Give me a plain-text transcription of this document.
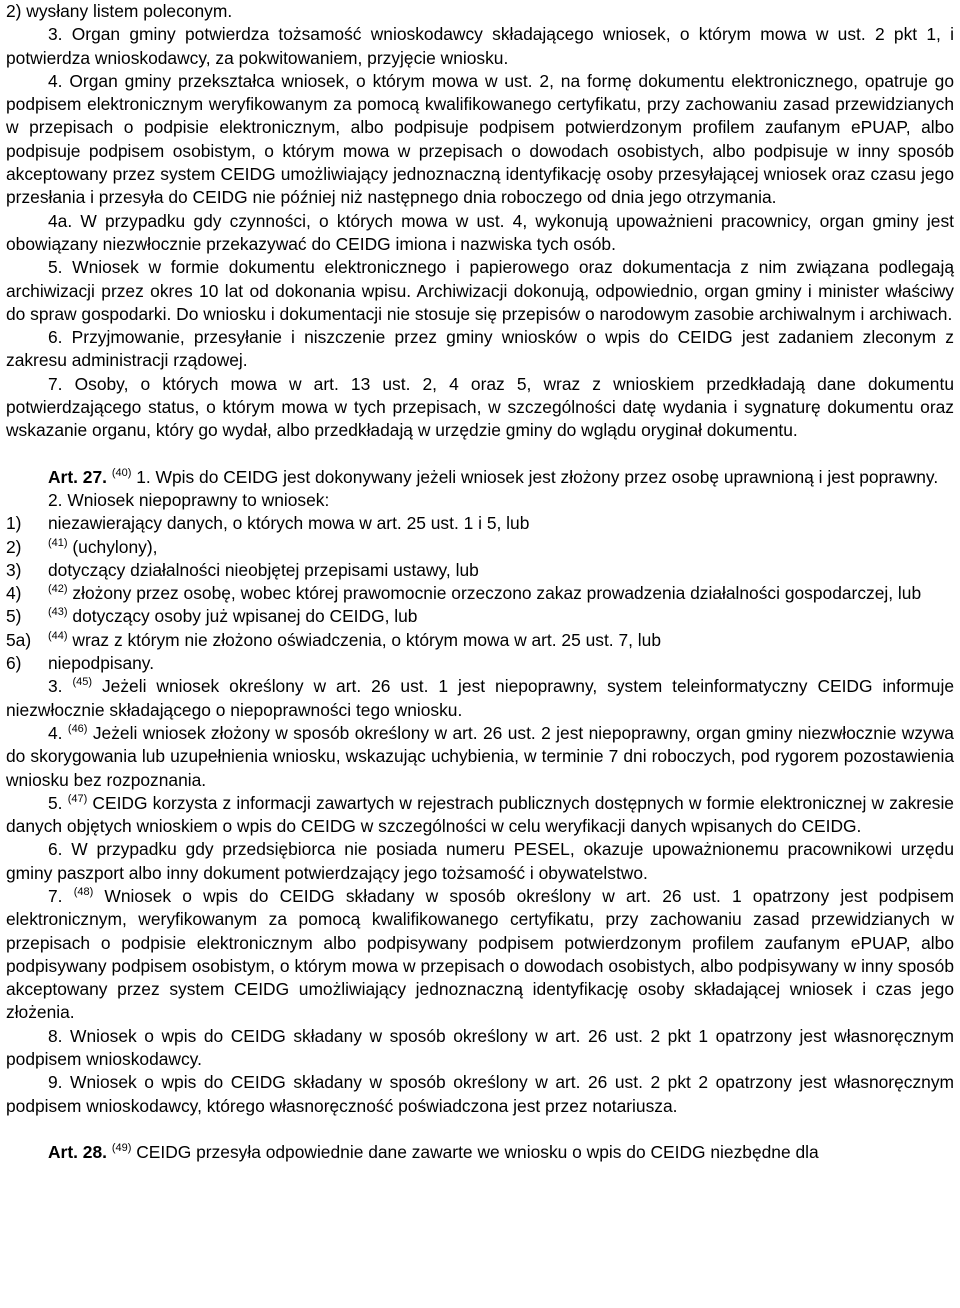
2) wysłany listem poleconym.

3. Organ gminy potwierdza tożsamość wnioskodawcy składającego wniosek, o którym mowa w ust. 2 pkt 1, i potwierdza wnioskodawcy, za pokwitowaniem, przyjęcie wniosku.

4. Organ gminy przekształca wniosek, o którym mowa w ust. 2, na formę dokumentu elektronicznego, opatruje go podpisem elektronicznym weryfikowanym za pomocą kwalifikowanego certyfikatu, przy zachowaniu zasad przewidzianych w przepisach o podpisie elektronicznym, albo podpisuje podpisem potwierdzonym profilem zaufanym ePUAP, albo podpisuje podpisem osobistym, o którym mowa w przepisach o dowodach osobistych, albo podpisuje w inny sposób akceptowany przez system CEIDG umożliwiający jednoznaczną identyfikację osoby przesyłającej wniosek oraz czasu jego przesłania i przesyła do CEIDG nie później niż następnego dnia roboczego od dnia jego otrzymania.

4a. W przypadku gdy czynności, o których mowa w ust. 4, wykonują upoważnieni pracownicy, organ gminy jest obowiązany niezwłocznie przekazywać do CEIDG imiona i nazwiska tych osób.

5. Wniosek w formie dokumentu elektronicznego i papierowego oraz dokumentacja z nim związana podlegają archiwizacji przez okres 10 lat od dokonania wpisu. Archiwizacji dokonują, odpowiednio, organ gminy i minister właściwy do spraw gospodarki. Do wniosku i dokumentacji nie stosuje się przepisów o narodowym zasobie archiwalnym i archiwach.

6. Przyjmowanie, przesyłanie i niszczenie przez gminy wniosków o wpis do CEIDG jest zadaniem zleconym z zakresu administracji rządowej.

7. Osoby, o których mowa w art. 13 ust. 2, 4 oraz 5, wraz z wnioskiem przedkładają dane dokumentu potwierdzającego status, o którym mowa w tych przepisach, w szczególności datę wydania i sygnaturę dokumentu oraz wskazanie organu, który go wydał, albo przedkładają w urzędzie gminy do wglądu oryginał dokumentu.

Art. 27. $^{(40)}$ 1. Wpis do CEIDG jest dokonywany jeżeli wniosek jest złożony przez osobę uprawnioną i jest poprawny.

2. Wniosek niepoprawny to wniosek:

1)	niezawierający danych, o których mowa w art. 25 ust. 1 i 5, lub
2)	$^{(41)}$ (uchylony),
3)	dotyczący działalności nieobjętej przepisami ustawy, lub
4)	$^{(42)}$ złożony przez osobę, wobec której prawomocnie orzeczono zakaz prowadzenia działalności gospodarczej, lub
5)	$^{(43)}$ dotyczący osoby już wpisanej do CEIDG, lub
5a)	$^{(44)}$ wraz z którym nie złożono oświadczenia, o którym mowa w art. 25 ust. 7, lub
6)	niepodpisany.

3. $^{(45)}$ Jeżeli wniosek określony w art. 26 ust. 1 jest niepoprawny, system teleinformatyczny CEIDG informuje niezwłocznie składającego o niepoprawności tego wniosku.

4. $^{(46)}$ Jeżeli wniosek złożony w sposób określony w art. 26 ust. 2 jest niepoprawny, organ gminy niezwłocznie wzywa do skorygowania lub uzupełnienia wniosku, wskazując uchybienia, w terminie 7 dni roboczych, pod rygorem pozostawienia wniosku bez rozpoznania.

5. $^{(47)}$ CEIDG korzysta z informacji zawartych w rejestrach publicznych dostępnych w formie elektronicznej w zakresie danych objętych wnioskiem o wpis do CEIDG w szczególności w celu weryfikacji danych wpisanych do CEIDG.

6. W przypadku gdy przedsiębiorca nie posiada numeru PESEL, okazuje upoważnionemu pracownikowi urzędu gminy paszport albo inny dokument potwierdzający jego tożsamość i obywatelstwo.

7. $^{(48)}$ Wniosek o wpis do CEIDG składany w sposób określony w art. 26 ust. 1 opatrzony jest podpisem elektronicznym, weryfikowanym za pomocą kwalifikowanego certyfikatu, przy zachowaniu zasad przewidzianych w przepisach o podpisie elektronicznym albo podpisywany podpisem potwierdzonym profilem zaufanym ePUAP, albo podpisywany podpisem osobistym, o którym mowa w przepisach o dowodach osobistych, albo podpisywany w inny sposób akceptowany przez system CEIDG umożliwiający jednoznaczną identyfikację osoby składającej wniosek i czas jego złożenia.

8. Wniosek o wpis do CEIDG składany w sposób określony w art. 26 ust. 2 pkt 1 opatrzony jest własnoręcznym podpisem wnioskodawcy.

9. Wniosek o wpis do CEIDG składany w sposób określony w art. 26 ust. 2 pkt 2 opatrzony jest własnoręcznym podpisem wnioskodawcy, którego własnoręczność poświadczona jest przez notariusza.

Art. 28. $^{(49)}$ CEIDG przesyła odpowiednie dane zawarte we wniosku o wpis do CEIDG niezbędne dla
